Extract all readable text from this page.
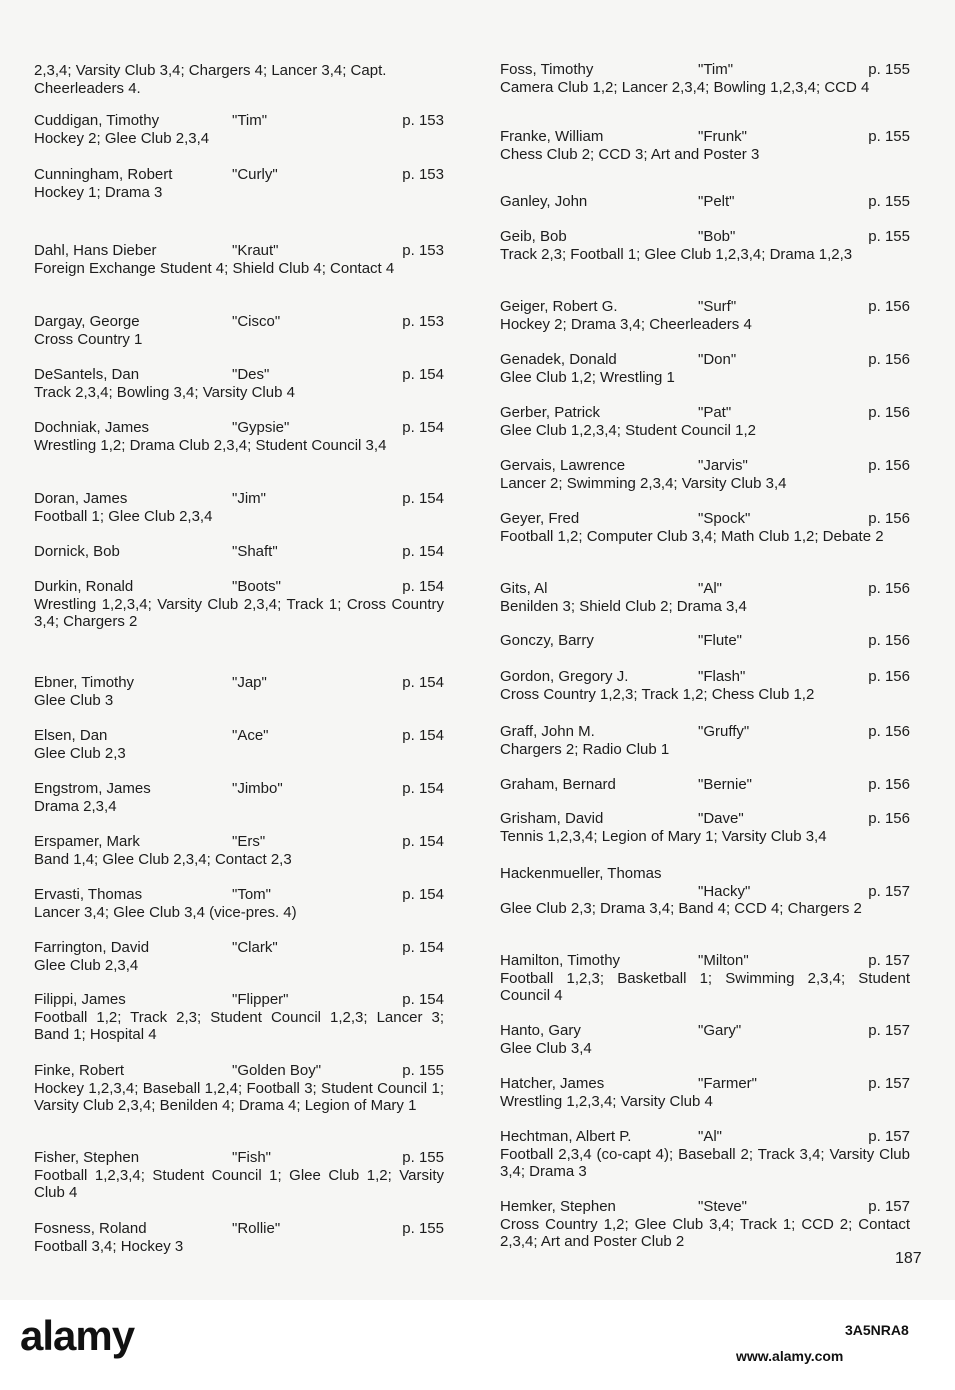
2,3,4; Varsity Club 3,4; Chargers 4; Lancer 3,4; Capt. Cheerleaders 4.
Cuddigan, Timothy	"Tim"	p. 153
Hockey 2; Glee Club 2,3,4
Cunningham, Robert	"Curly"	p. 153
Hockey 1; Drama 3
Dahl, Hans Dieber	"Kraut"	p. 153
Foreign Exchange Student 4; Shield Club 4; Contact 4
Dargay, George	"Cisco"	p. 153
Cross Country 1
DeSantels, Dan	"Des"	p. 154
Track 2,3,4; Bowling 3,4; Varsity Club 4
Dochniak, James	"Gypsie"	p. 154
Wrestling 1,2; Drama Club 2,3,4; Student Council 3,4
Doran, James	"Jim"	p. 154
Football 1; Glee Club 2,3,4
Dornick, Bob	"Shaft"	p. 154
Durkin, Ronald	"Boots"	p. 154
Wrestling 1,2,3,4; Varsity Club 2,3,4; Track 1; Cross Country 3,4; Chargers 2
Ebner, Timothy	"Jap"	p. 154
Glee Club 3
Elsen, Dan	"Ace"	p. 154
Glee Club 2,3
Engstrom, James	"Jimbo"	p. 154
Drama 2,3,4
Erspamer, Mark	"Ers"	p. 154
Band 1,4; Glee Club 2,3,4; Contact 2,3
Ervasti, Thomas	"Tom"	p. 154
Lancer 3,4; Glee Club 3,4 (vice-pres. 4)
Farrington, David	"Clark"	p. 154
Glee Club 2,3,4
Filippi, James	"Flipper"	p. 154
Football 1,2; Track 2,3; Student Council 1,2,3; Lancer 3; Band 1; Hospital 4
Finke, Robert	"Golden Boy"	p. 155
Hockey 1,2,3,4; Baseball 1,2,4; Football 3; Student Council 1; Varsity Club 2,3,4; Benilden 4; Drama 4; Legion of Mary 1
Fisher, Stephen	"Fish"	p. 155
Football 1,2,3,4; Student Council 1; Glee Club 1,2; Varsity Club 4
Fosness, Roland	"Rollie"	p. 155
Football 3,4; Hockey 3
Foss, Timothy	"Tim"	p. 155
Camera Club 1,2; Lancer 2,3,4; Bowling 1,2,3,4; CCD 4
Franke, William	"Frunk"	p. 155
Chess Club 2; CCD 3; Art and Poster 3
Ganley, John	"Pelt"	p. 155
Geib, Bob	"Bob"	p. 155
Track 2,3; Football 1; Glee Club 1,2,3,4; Drama 1,2,3
Geiger, Robert G.	"Surf"	p. 156
Hockey 2; Drama 3,4; Cheerleaders 4
Genadek, Donald	"Don"	p. 156
Glee Club 1,2; Wrestling 1
Gerber, Patrick	"Pat"	p. 156
Glee Club 1,2,3,4; Student Council 1,2
Gervais, Lawrence	"Jarvis"	p. 156
Lancer 2; Swimming 2,3,4; Varsity Club 3,4
Geyer, Fred	"Spock"	p. 156
Football 1,2; Computer Club 3,4; Math Club 1,2; Debate 2
Gits, Al	"Al"	p. 156
Benilden 3; Shield Club 2; Drama 3,4
Gonczy, Barry	"Flute"	p. 156
Gordon, Gregory J.	"Flash"	p. 156
Cross Country 1,2,3; Track 1,2; Chess Club 1,2
Graff, John M.	"Gruffy"	p. 156
Chargers 2; Radio Club 1
Graham, Bernard	"Bernie"	p. 156
Grisham, David	"Dave"	p. 156
Tennis 1,2,3,4; Legion of Mary 1; Varsity Club 3,4
Hackenmueller, Thomas
"Hacky"	p. 157
Glee Club 2,3; Drama 3,4; Band 4; CCD 4; Chargers 2
Hamilton, Timothy	"Milton"	p. 157
Football 1,2,3; Basketball 1; Swimming 2,3,4; Student Council 4
Hanto, Gary	"Gary"	p. 157
Glee Club 3,4
Hatcher, James	"Farmer"	p. 157
Wrestling 1,2,3,4; Varsity Club 4
Hechtman, Albert P.	"Al"	p. 157
Football 2,3,4 (co-capt 4); Baseball 2; Track 3,4; Varsity Club 3,4; Drama 3
Hemker, Stephen	"Steve"	p. 157
Cross Country 1,2; Glee Club 3,4; Track 1; CCD 2; Contact 2,3,4; Art and Poster Club 2
187
alamy	3A5NRA8
www.alamy.com
